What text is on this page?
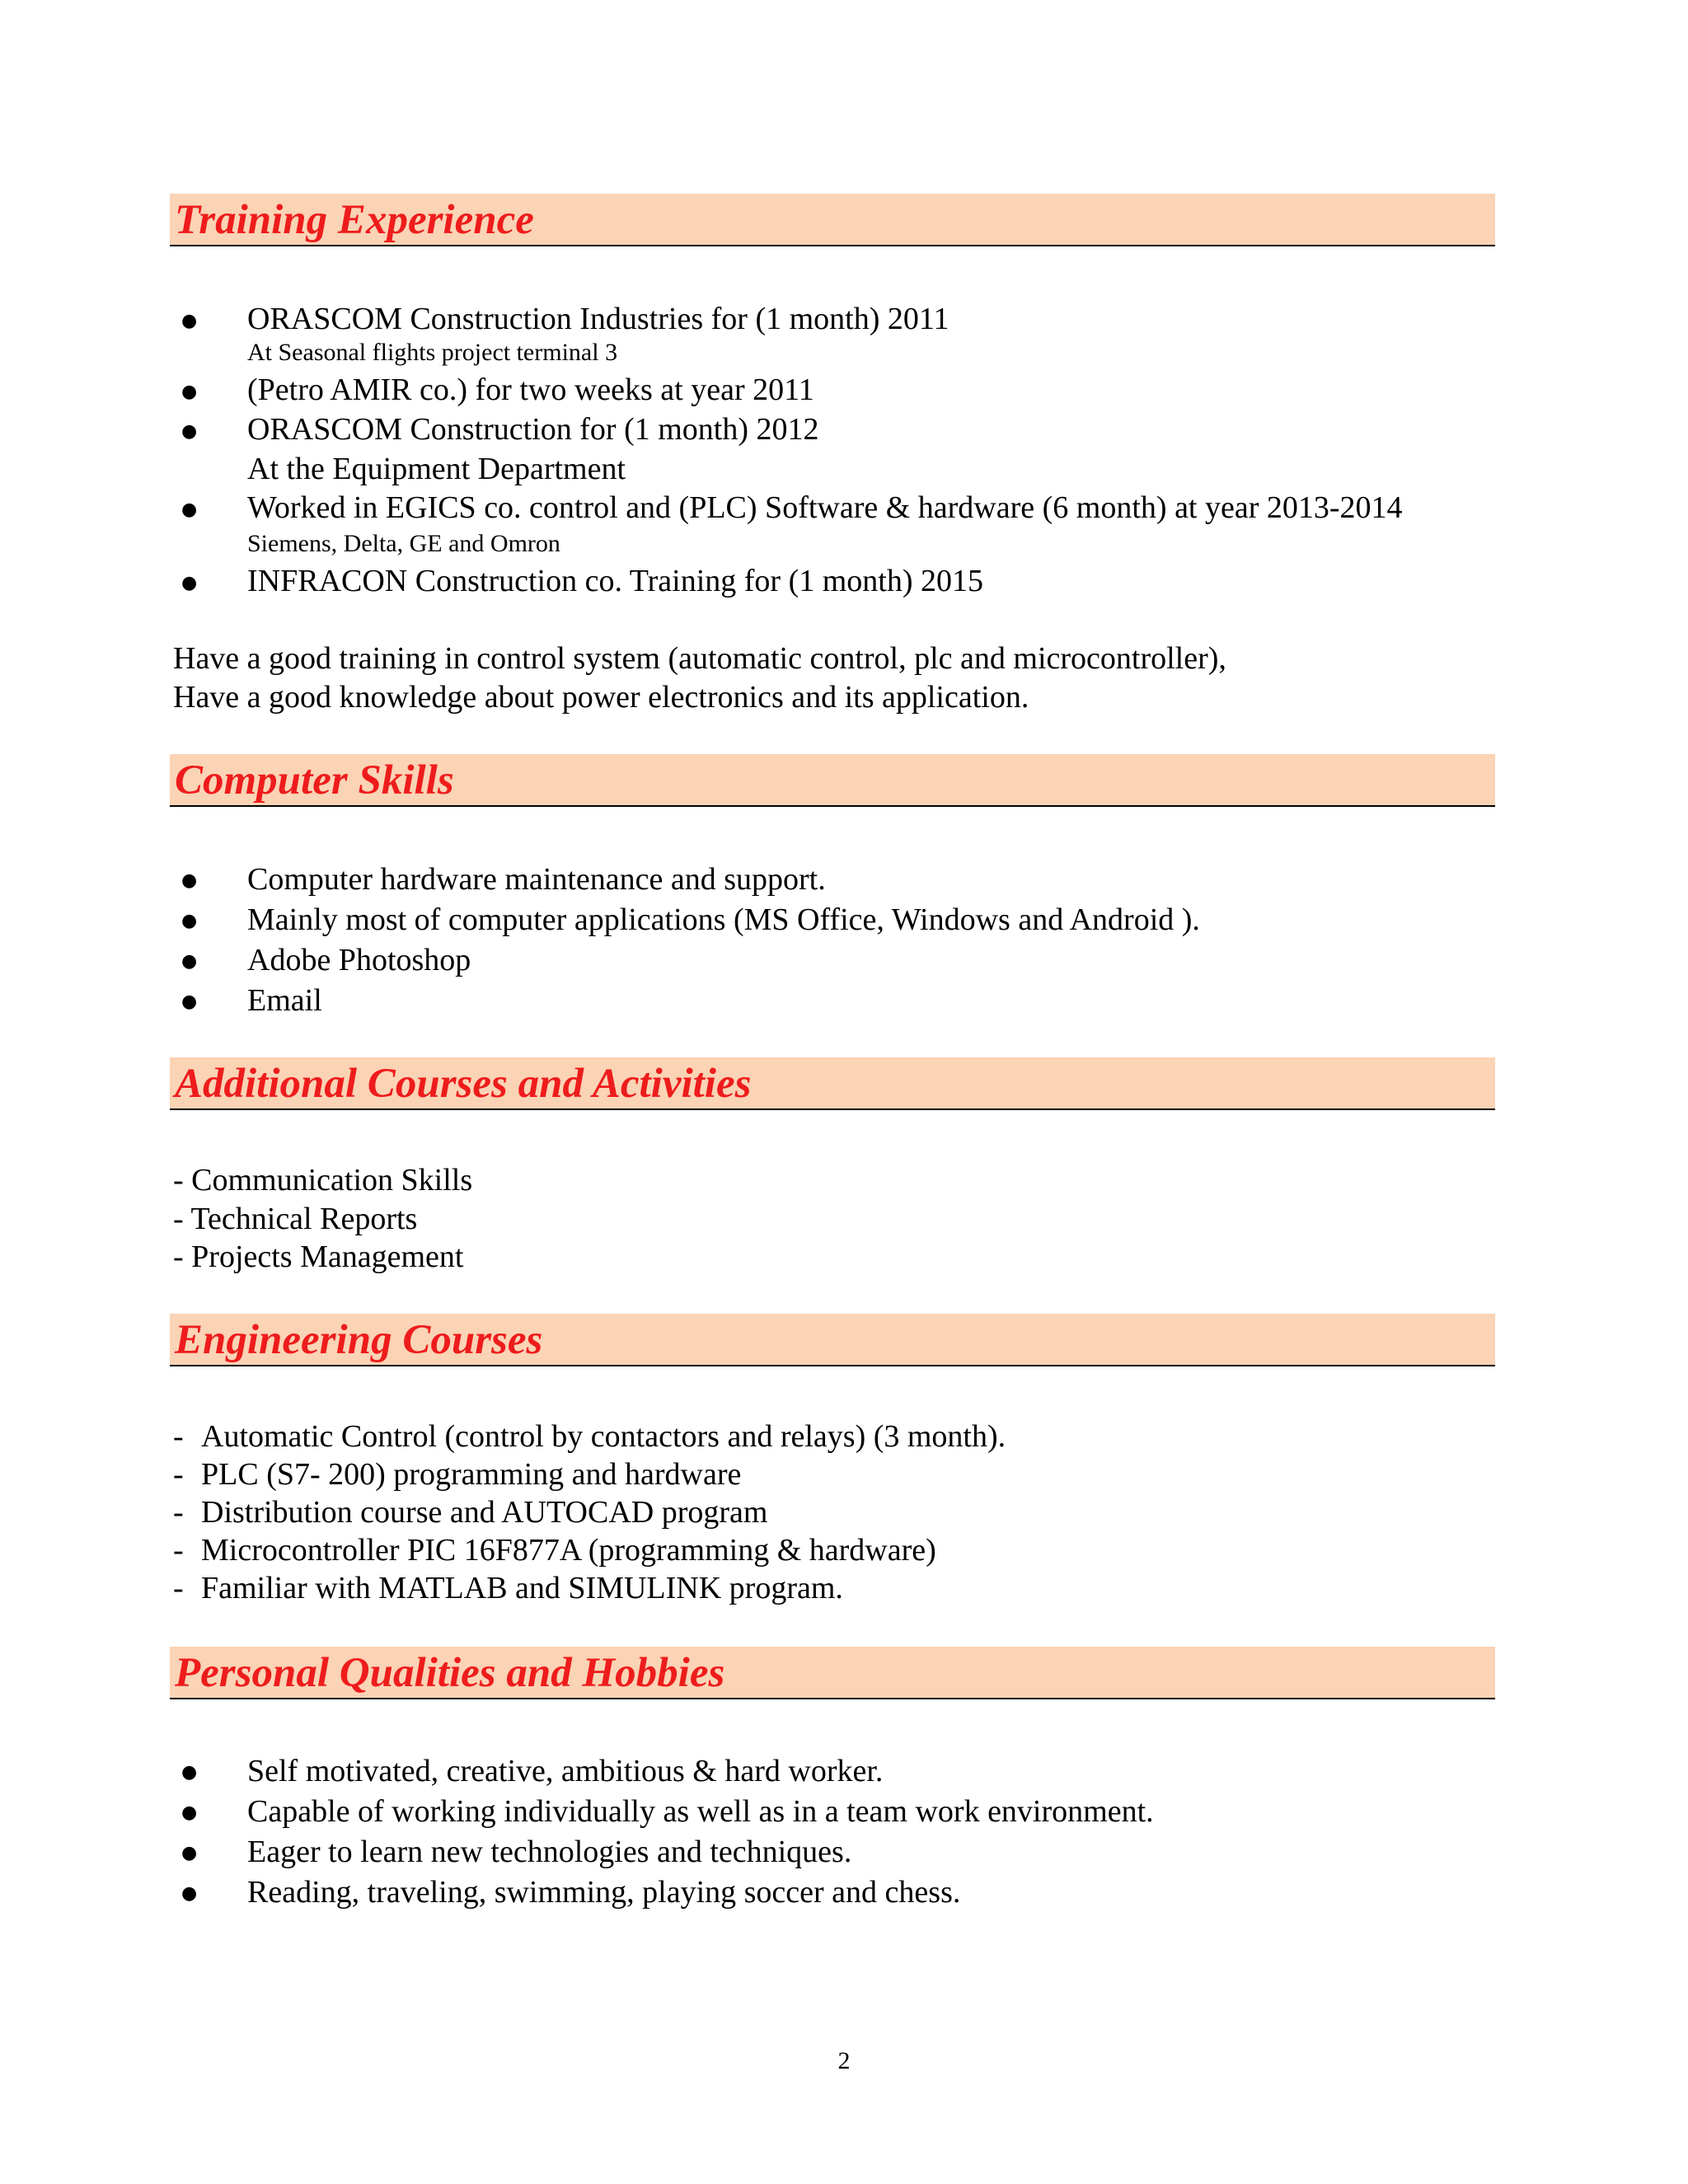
Training Experience
● ORASCOM Construction Industries for (1 month) 2011
At Seasonal flights project terminal 3
● (Petro AMIR co.) for two weeks at year 2011
● ORASCOM Construction for (1 month) 2012
At the Equipment Department
● Worked in EGICS co. control and (PLC) Software & hardware (6 month) at year 2013-2014
Siemens, Delta, GE and Omron
● INFRACON Construction co. Training for (1 month) 2015
Have a good training in control system (automatic control, plc and microcontroller),
Have a good knowledge about power electronics and its application.
Computer Skills
● Computer hardware maintenance and support.
● Mainly most of computer applications (MS Office, Windows and Android ).
● Adobe Photoshop
● Email
Additional Courses and Activities
- Communication Skills
- Technical Reports
- Projects Management
Engineering Courses
- Automatic Control (control by contactors and relays) (3 month).
- PLC (S7- 200) programming and hardware
- Distribution course and AUTOCAD program
- Microcontroller PIC 16F877A (programming & hardware)
- Familiar with MATLAB and SIMULINK program.
Personal Qualities and Hobbies
● Self motivated, creative, ambitious & hard worker.
● Capable of working individually as well as in a team work environment.
● Eager to learn new technologies and techniques.
● Reading, traveling, swimming, playing soccer and chess.
2
